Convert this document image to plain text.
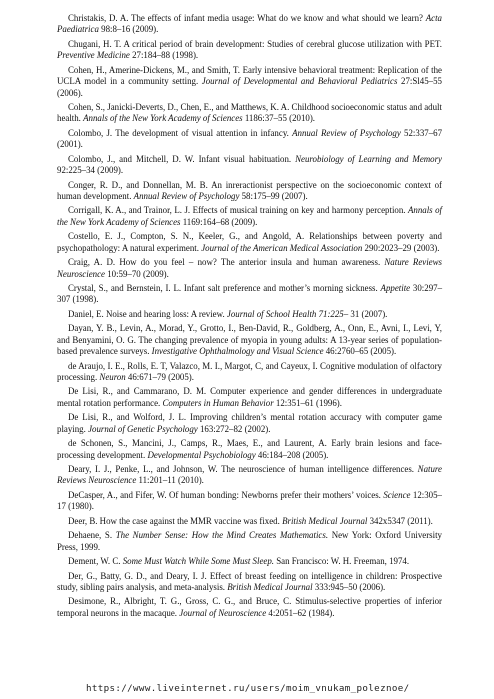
Christakis, D. A. The effects of infant media usage: What do we know and what should we learn? Acta Paediatrica 98:8–16 (2009).

Chugani, H. T. A critical period of brain development: Studies of cerebral glucose utilization with PET. Preventive Medicine 27:184–88 (1998).

Cohen, H., Amerine-Dickens, M., and Smith, T. Early intensive behavioral treatment: Replication of the UCLA model in a community setting. Journal of Developmental and Behavioral Pediatrics 27:Sl45–55 (2006).

Cohen, S., Janicki-Deverts, D., Chen, E., and Matthews, K. A. Childhood socioeconomic status and adult health. Annals of the New York Academy of Sciences 1186:37–55 (2010).

Colombo, J. The development of visual attention in infancy. Annual Review of Psychology 52:337–67 (2001).

Colombo, J., and Mitchell, D. W. Infant visual habituation. Neurobiology of Learning and Memory 92:225–34 (2009).

Conger, R. D., and Donnellan, M. B. An inreractionist perspective on the socioeconomic context of human development. Annual Review of Psychology 58:175–99 (2007).

Corrigall, K. A., and Trainor, L. J. Effects of musical training on key and harmony perception. Annals of the New York Academy of Sciences 1169:164–68 (2009).

Costello, E. J., Compton, S. N., Keeler, G., and Angold, A. Relationships between poverty and psychopathology: A natural experiment. Journal of the American Medical Association 290:2023–29 (2003).

Craig, A. D. How do you feel – now? The anterior insula and human awareness. Nature Reviews Neuroscience 10:59–70 (2009).

Crystal, S., and Bernstein, I. L. Infant salt preference and mother’s morning sickness. Appetite 30:297–307 (1998).

Daniel, E. Noise and hearing loss: A review. Journal of School Health 71:225– 31 (2007).

Dayan, Y. B., Levin, A., Morad, Y., Grotto, I., Ben-David, R., Goldberg, A., Onn, E., Avni, I., Levi, Y, and Benyamini, O. G. The changing prevalence of myopia in young adults: A 13-year series of population-based prevalence surveys. Investigative Ophthalmology and Visual Science 46:2760–65 (2005).

de Araujo, I. E., Rolls, E. T, Valazco, M. I., Margot, C, and Cayeux, I. Cognitive modulation of olfactory processing. Neuron 46:671–79 (2005).

De Lisi, R., and Cammarano, D. M. Computer experience and gender differences in undergraduate mental rotation performance. Computers in Human Behavior 12:351–61 (1996).

De Lisi, R., and Wolford, J. L. Improving children’s mental rotation accuracy with computer game playing. Journal of Genetic Psychology 163:272–82 (2002).

de Schonen, S., Mancini, J., Camps, R., Maes, E., and Laurent, A. Early brain lesions and face-processing development. Developmental Psychobiology 46:184–208 (2005).

Deary, I. J., Penke, L., and Johnson, W. The neuroscience of human intelligence differences. Nature Reviews Neuroscience 11:201–11 (2010).

DeCasper, A., and Fifer, W. Of human bonding: Newborns prefer their mothers’ voices. Science 12:305–17 (1980).

Deer, B. How the case against the MMR vaccine was fixed. British Medical Journal 342x5347 (2011).

Dehaene, S. The Number Sense: How the Mind Creates Mathematics. New York: Oxford University Press, 1999.

Dement, W. C. Some Must Watch While Some Must Sleep. San Francisco: W. H. Freeman, 1974.

Der, G., Batty, G. D., and Deary, I. J. Effect of breast feeding on intelligence in children: Prospective study, sibling pairs analysis, and meta-analysis. British Medical Journal 333:945–50 (2006).

Desimone, R., Albright, T. G., Gross, C. G., and Bruce, C. Stimulus-selective properties of inferior temporal neurons in the macaque. Journal of Neuroscience 4:2051–62 (1984).

https://www.liveinternet.ru/users/moim_vnukam_poleznoe/
